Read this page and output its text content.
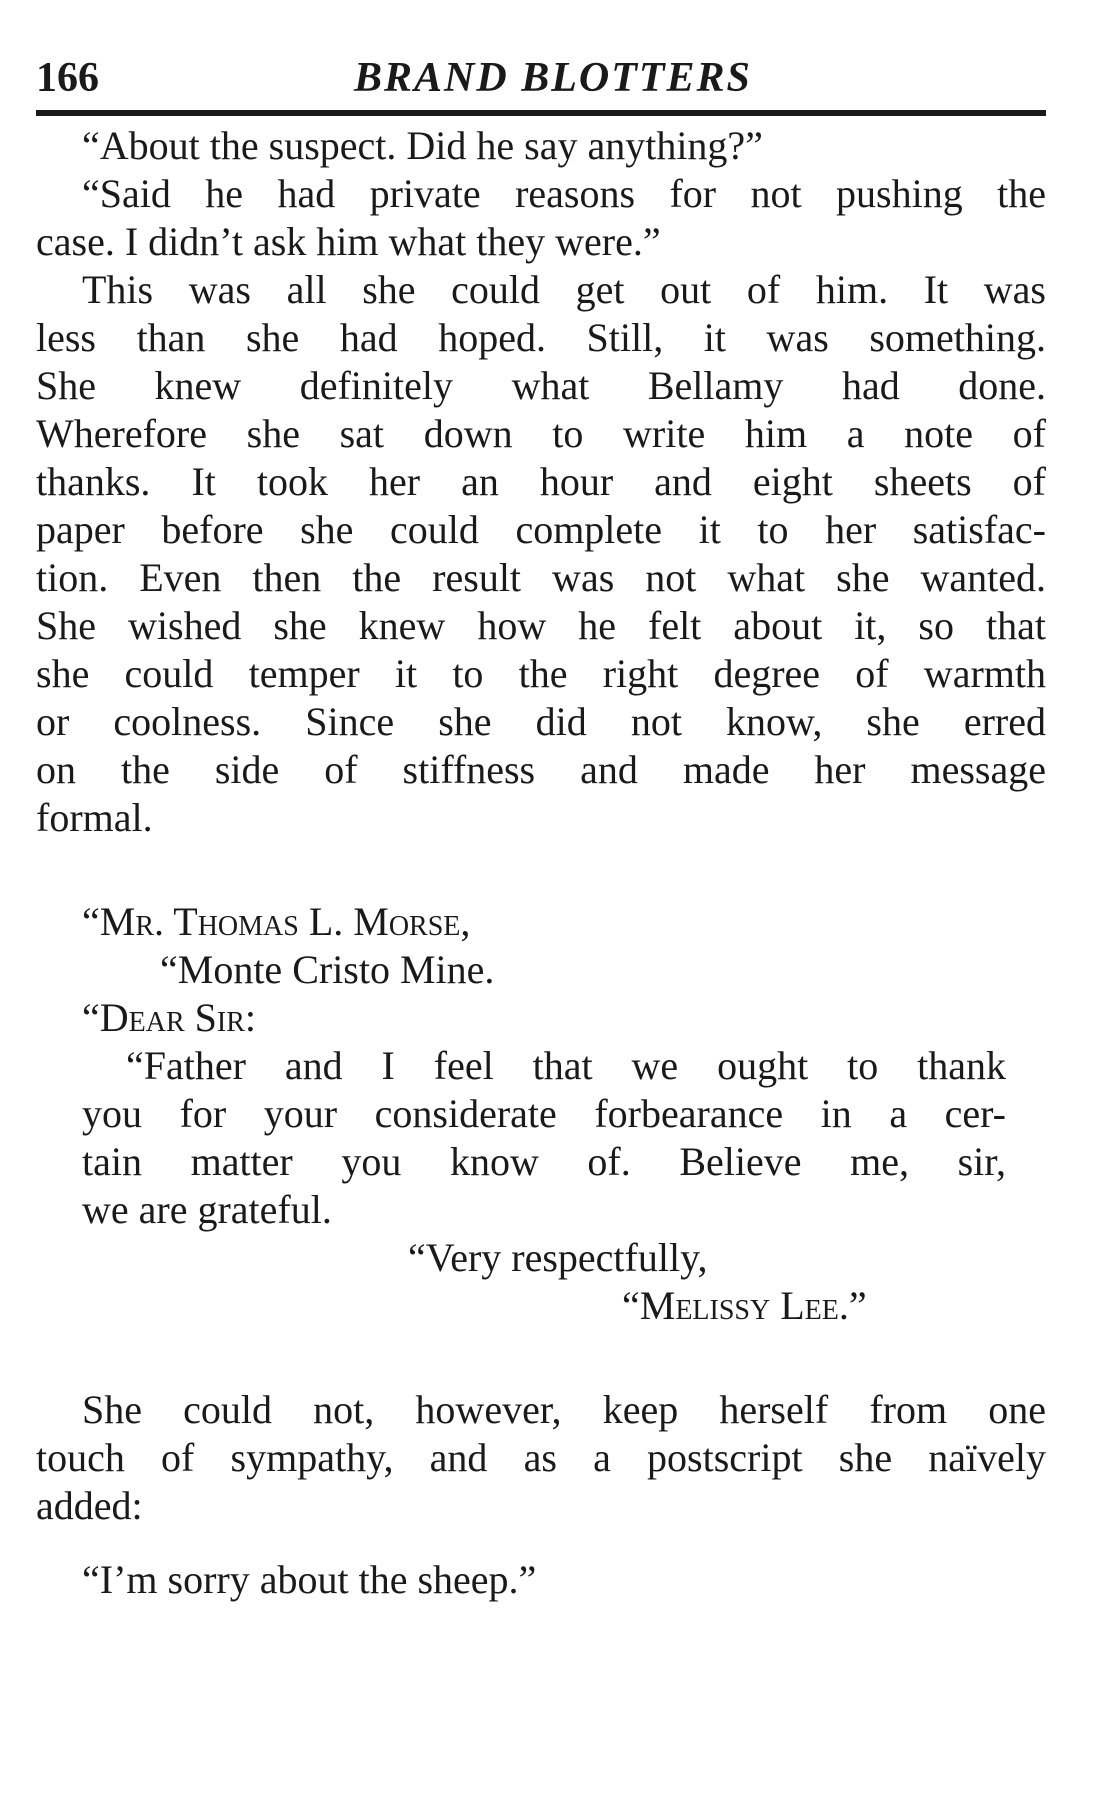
166	BRAND BLOTTERS
“About the suspect. Did he say anything?”
“Said he had private reasons for not pushing the
case. I didn’t ask him what they were.”
This was all she could get out of him. It was
less than she had hoped. Still, it was something.
She knew definitely what Bellamy had done.
Wherefore she sat down to write him a note of
thanks. It took her an hour and eight sheets of
paper before she could complete it to her satisfac-
tion. Even then the result was not what she wanted.
She wished she knew how he felt about it, so that
she could temper it to the right degree of warmth
or coolness. Since she did not know, she erred
on the side of stiffness and made her message
formal.
“Mr. Thomas L. Morse,
“Monte Cristo Mine.
“Dear Sir:
“Father and I feel that we ought to thank
you for your considerate forbearance in a cer-
tain matter you know of. Believe me, sir,
we are grateful.
“Very respectfully,
“Melissy Lee.”
She could not, however, keep herself from one
touch of sympathy, and as a postscript she naïvely
added:
“I’m sorry about the sheep.”
